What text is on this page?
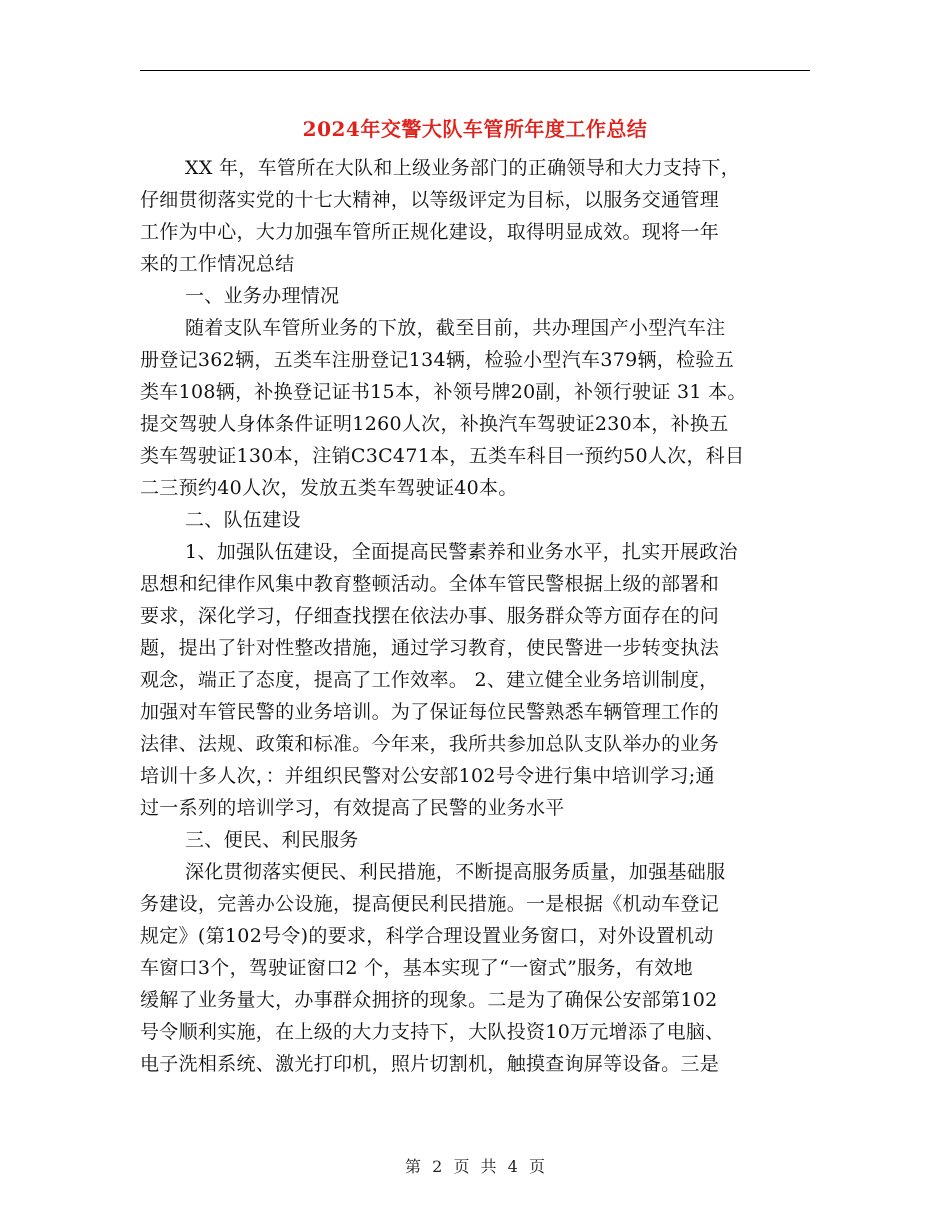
2024年交警大队车管所年度工作总结
XX 年，车管所在大队和上级业务部门的正确领导和大力支持下，
仔细贯彻落实党的十七大精神，以等级评定为目标，以服务交通管理
工作为中心，大力加强车管所正规化建设，取得明显成效。现将一年
来的工作情况总结
一、业务办理情况
随着支队车管所业务的下放，截至目前，共办理国产小型汽车注
册登记362辆，五类车注册登记134辆，检验小型汽车379辆，检验五
类车108辆，补换登记证书15本，补领号牌20副，补领行驶证 31 本。
提交驾驶人身体条件证明1260人次，补换汽车驾驶证230本，补换五
类车驾驶证130本，注销C3C471本，五类车科目一预约50人次，科目
二三预约40人次，发放五类车驾驶证40本。
二、队伍建设
1、加强队伍建设，全面提高民警素养和业务水平，扎实开展政治
思想和纪律作风集中教育整顿活动。全体车管民警根据上级的部署和
要求，深化学习，仔细查找摆在依法办事、服务群众等方面存在的问
题，提出了针对性整改措施，通过学习教育，使民警进一步转变执法
观念，端正了态度，提高了工作效率。 2、建立健全业务培训制度，
加强对车管民警的业务培训。为了保证每位民警熟悉车辆管理工作的
法律、法规、政策和标准。今年来，我所共参加总队支队举办的业务
培训十多人次，：并组织民警对公安部102号令进行集中培训学习;通
过一系列的培训学习，有效提高了民警的业务水平
三、便民、利民服务
深化贯彻落实便民、利民措施，不断提高服务质量，加强基础服
务建设，完善办公设施，提高便民利民措施。一是根据《机动车登记
规定》(第102号令)的要求，科学合理设置业务窗口，对外设置机动
车窗口3个，驾驶证窗口2 个，基本实现了“一窗式”服务，有效地
缓解了业务量大，办事群众拥挤的现象。二是为了确保公安部第102
号令顺利实施，在上级的大力支持下，大队投资10万元增添了电脑、
电子洗相系统、激光打印机，照片切割机，触摸查询屏等设备。三是
第 2 页 共 4 页
